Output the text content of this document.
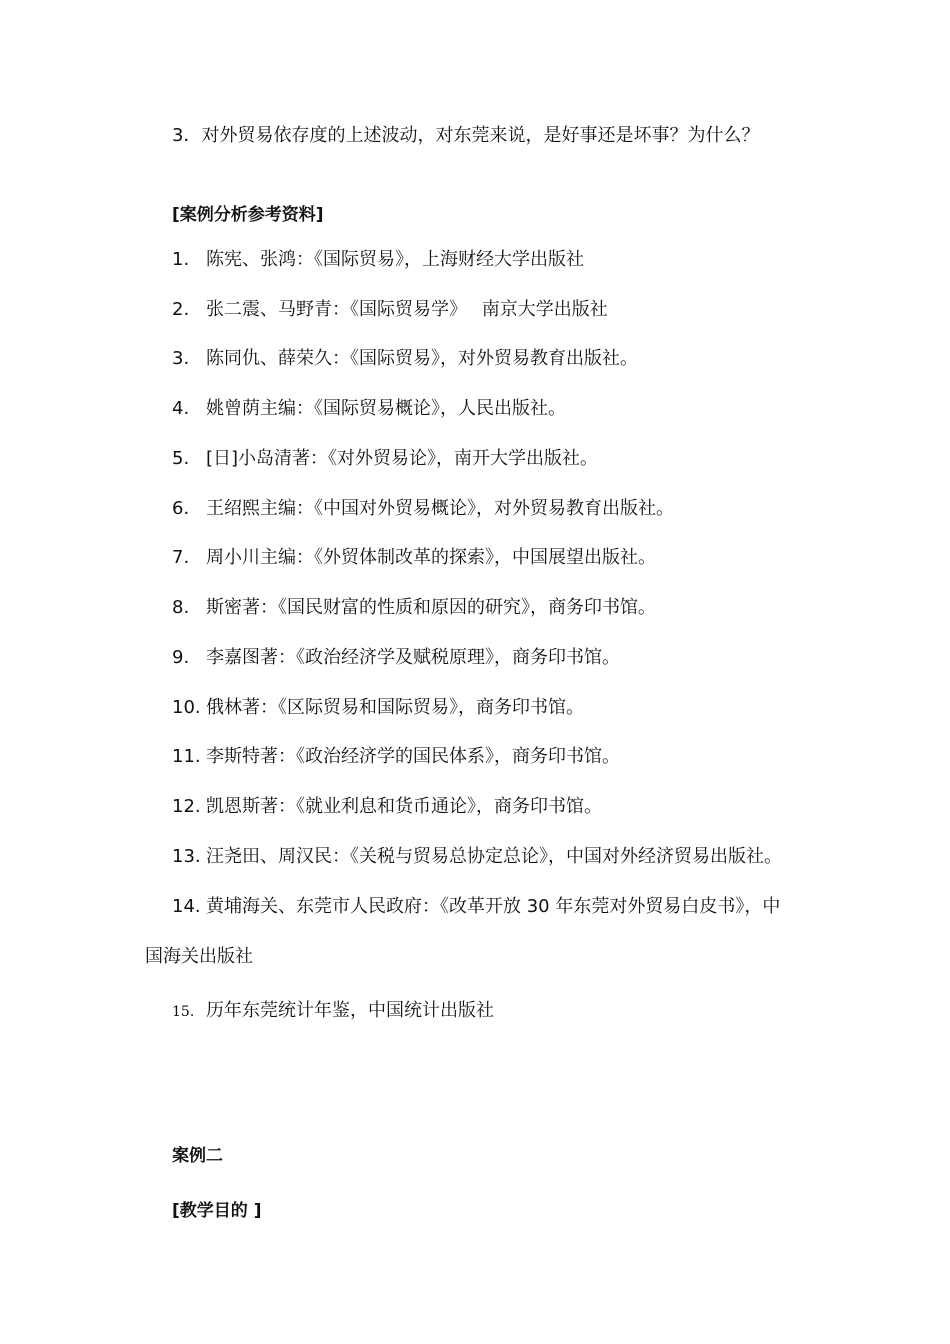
3．对外贸易依存度的上述波动，对东莞来说，是好事还是坏事？为什么？
[案例分析参考资料]
1. 陈宪、张鸿：《国际贸易》，上海财经大学出版社
2. 张二震、马野青：《国际贸易学》　 南京大学出版社
3. 陈同仇、薛荣久：《国际贸易》，对外贸易教育出版社。
4. 姚曾荫主编：《国际贸易概论》，人民出版社。
5. [日]小岛清著：《对外贸易论》，南开大学出版社。
6. 王绍熙主编：《中国对外贸易概论》，对外贸易教育出版社。
7. 周小川主编：《外贸体制改革的探索》，中国展望出版社。
8. 斯密著：《国民财富的性质和原因的研究》，商务印书馆。
9. 李嘉图著：《政治经济学及赋税原理》，商务印书馆。
10. 俄林著：《区际贸易和国际贸易》，商务印书馆。
11. 李斯特著：《政治经济学的国民体系》，商务印书馆。
12. 凯恩斯著：《就业利息和货币通论》，商务印书馆。
13. 汪尧田、周汉民：《关税与贸易总协定总论》，中国对外经济贸易出版社。
14. 黄埔海关、东莞市人民政府：《改革开放 30 年东莞对外贸易白皮书》，中
国海关出版社
15. 历年东莞统计年鉴，中国统计出版社
案例二
[教学目的 ]
